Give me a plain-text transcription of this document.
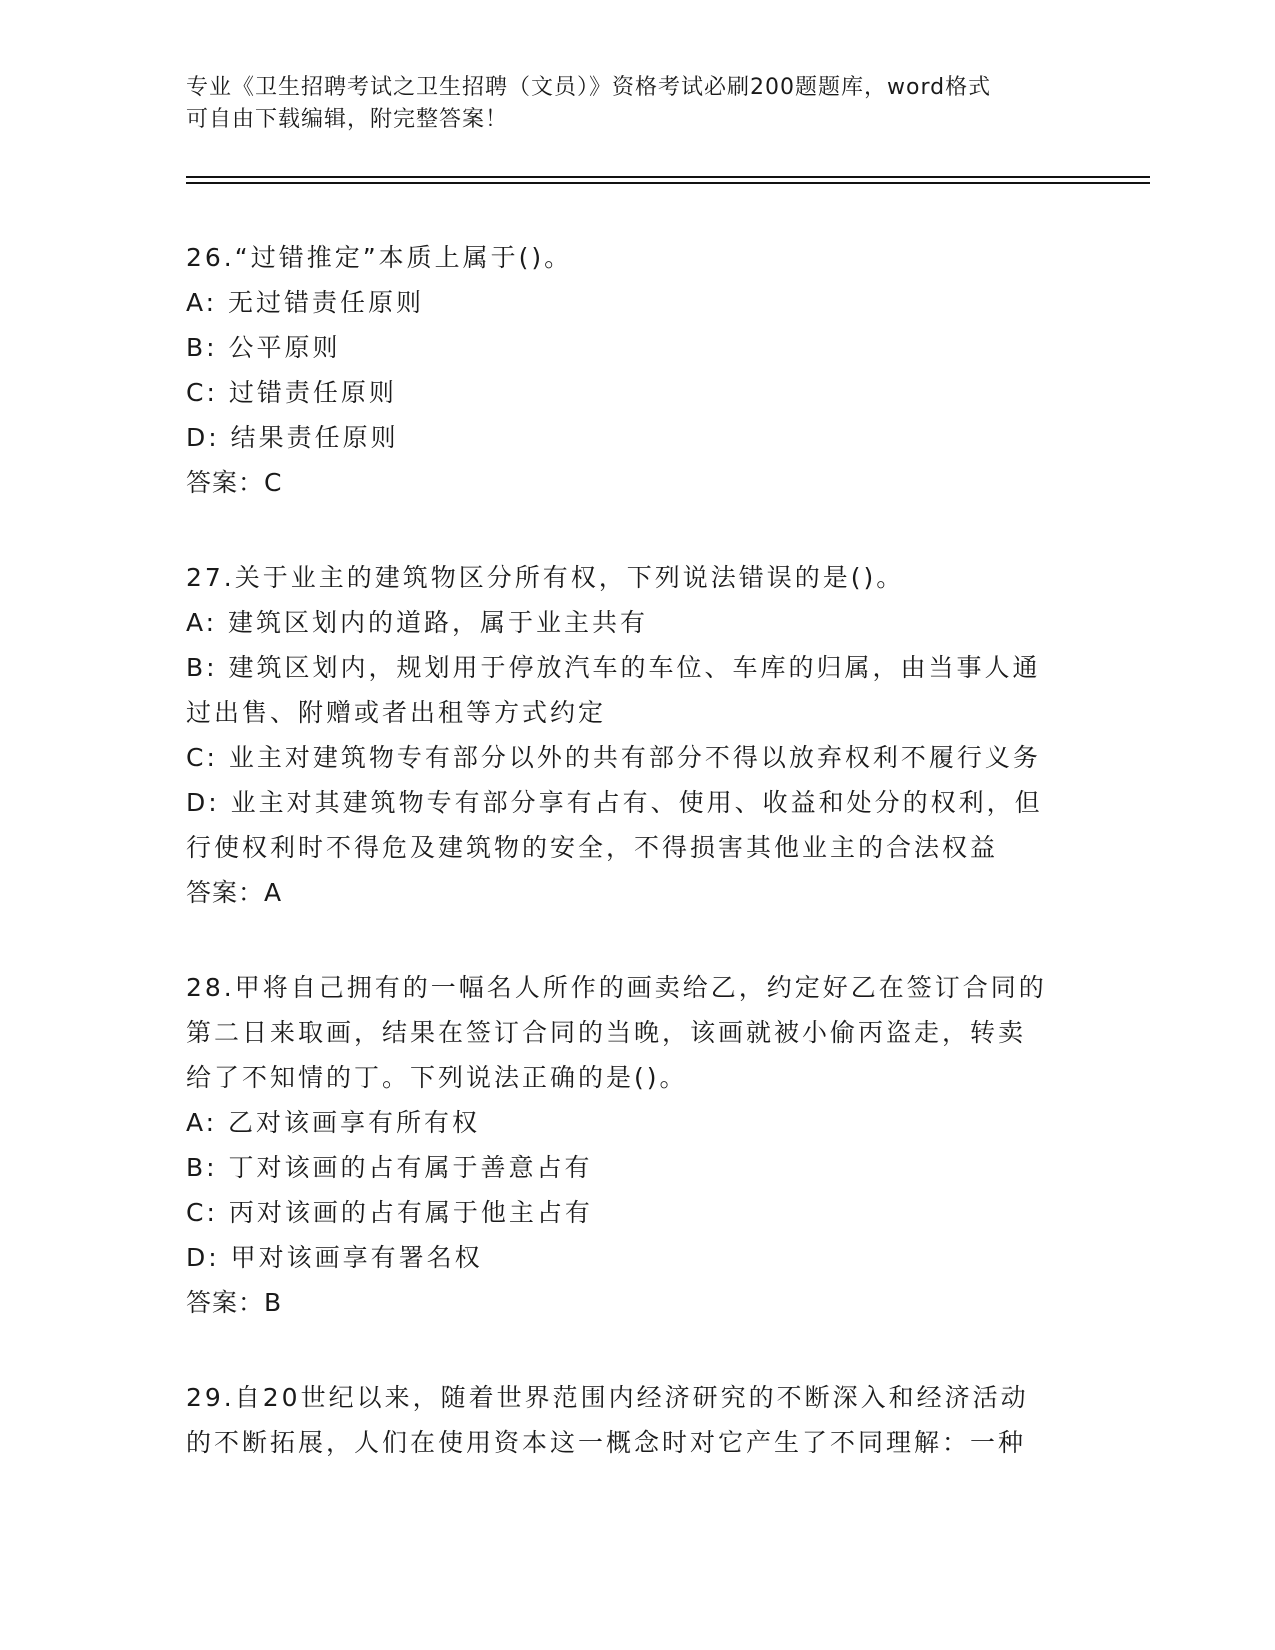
专业《卫生招聘考试之卫生招聘（文员）》资格考试必刷200题题库，word格式
可自由下载编辑，附完整答案！
26.“过错推定”本质上属于()。
A: 无过错责任原则
B: 公平原则
C: 过错责任原则
D: 结果责任原则
答案：C
27.关于业主的建筑物区分所有权，下列说法错误的是()。
A: 建筑区划内的道路，属于业主共有
B: 建筑区划内，规划用于停放汽车的车位、车库的归属，由当事人通
过出售、附赠或者出租等方式约定
C: 业主对建筑物专有部分以外的共有部分不得以放弃权利不履行义务
D: 业主对其建筑物专有部分享有占有、使用、收益和处分的权利，但
行使权利时不得危及建筑物的安全，不得损害其他业主的合法权益
答案：A
28.甲将自己拥有的一幅名人所作的画卖给乙，约定好乙在签订合同的
第二日来取画，结果在签订合同的当晚，该画就被小偷丙盗走，转卖
给了不知情的丁。下列说法正确的是()。
A: 乙对该画享有所有权
B: 丁对该画的占有属于善意占有
C: 丙对该画的占有属于他主占有
D: 甲对该画享有署名权
答案：B
29.自20世纪以来，随着世界范围内经济研究的不断深入和经济活动
的不断拓展，人们在使用资本这一概念时对它产生了不同理解：一种
